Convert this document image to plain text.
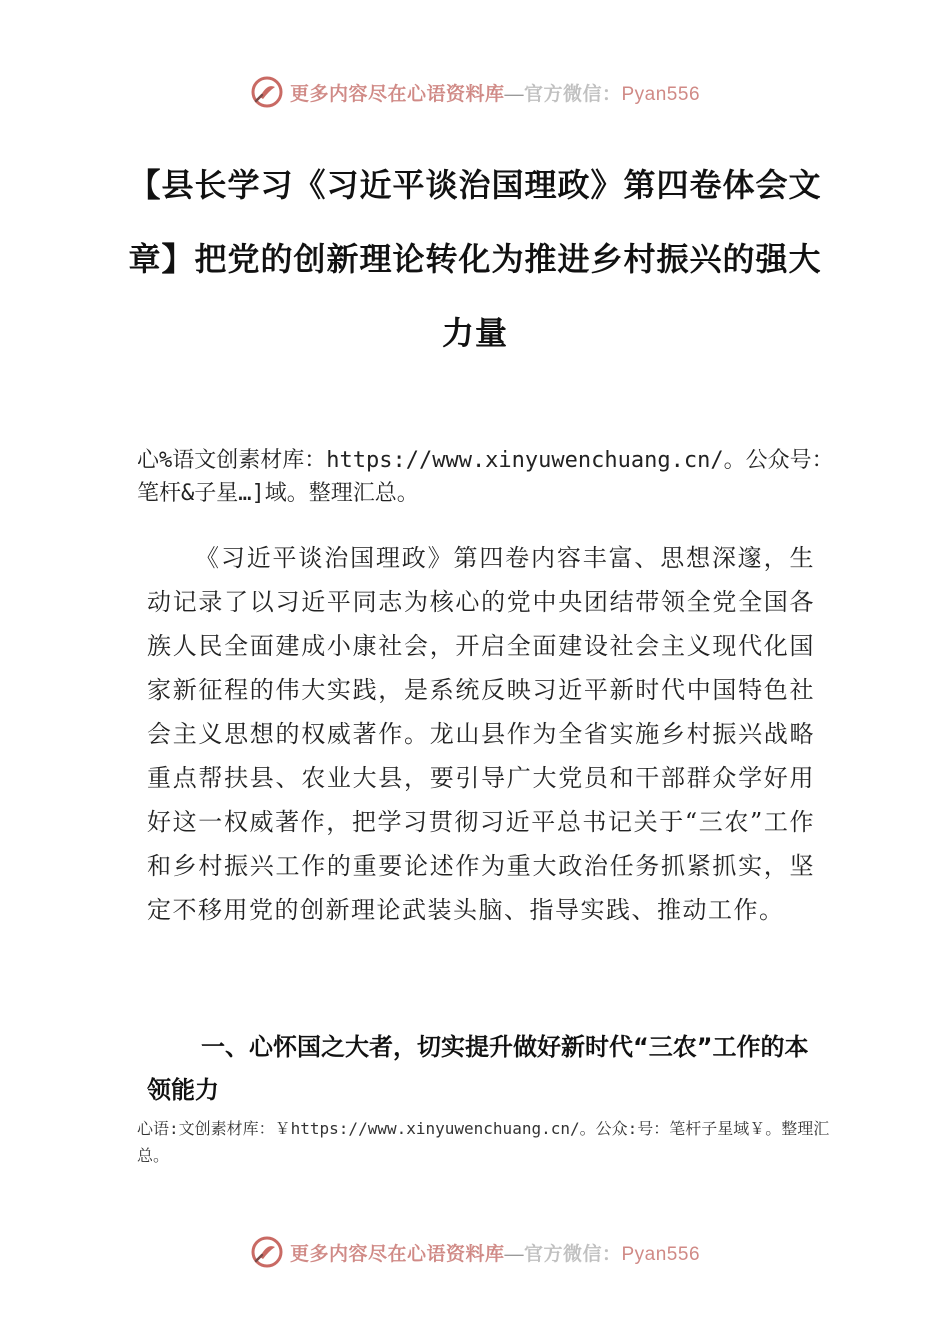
更多内容尽在心语资料库—官方微信：Pyan556
【县长学习《习近平谈治国理政》第四卷体会文章】把党的创新理论转化为推进乡村振兴的强大力量

心%语文创素材库：https://www.xinyuwenchuang.cn/。公众号：笔杆&子星…]域。整理汇总。

《习近平谈治国理政》第四卷内容丰富、思想深邃，生动记录了以习近平同志为核心的党中央团结带领全党全国各族人民全面建成小康社会，开启全面建设社会主义现代化国家新征程的伟大实践，是系统反映习近平新时代中国特色社会主义思想的权威著作。龙山县作为全省实施乡村振兴战略重点帮扶县、农业大县，要引导广大党员和干部群众学好用好这一权威著作，把学习贯彻习近平总书记关于“三农”工作和乡村振兴工作的重要论述作为重大政治任务抓紧抓实，坚定不移用党的创新理论武装头脑、指导实践、推动工作。

一、心怀国之大者，切实提升做好新时代“三农”工作的本领能力

心语:文创素材库：￥https://www.xinyuwenchuang.cn/。公众:号：笔杆子星域￥。整理汇总。

更多内容尽在心语资料库—官方微信：Pyan556
